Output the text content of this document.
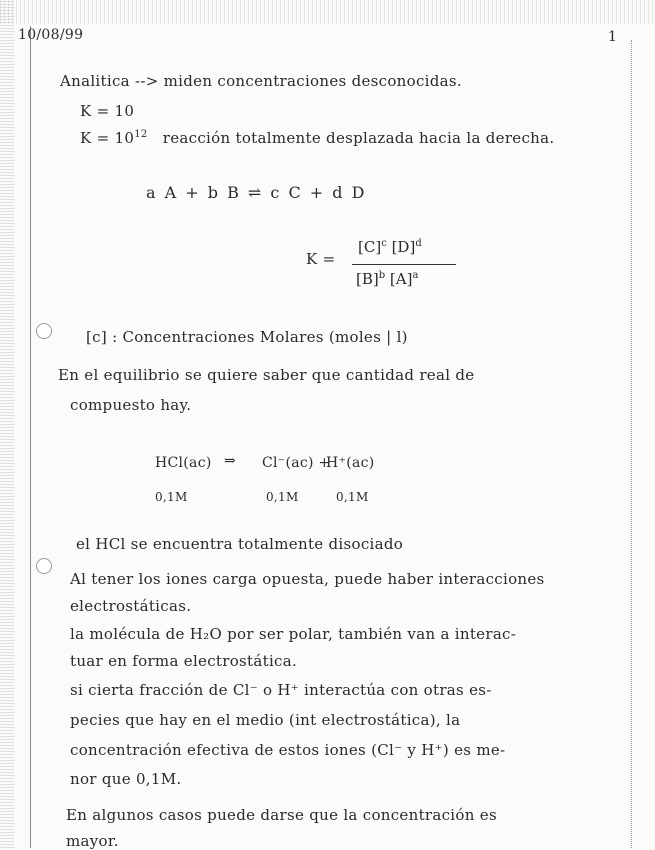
10/08/99	1
Analitica --> miden concentraciones desconocidas.
K = 10
$K = 10^{12}$ reacción totalmente desplazada hacia la derecha.
a A + b B ⇌ c C + d D
K =
$[C]^c$ $[D]^d$
$[B]^b$ $[A]^a$
[c] : Concentraciones Molares (moles | l)
En el equilibrio se quiere saber que cantidad real de
compuesto hay.
HCl(ac) ⇒ Cl⁻(ac) +
H⁺(ac)
0,1M	0,1M	0,1M
el HCl se encuentra totalmente disociado
Al tener los iones carga opuesta, puede haber interacciones
electrostáticas.
la molécula de H₂O por ser polar, también van a interac-
tuar en forma electrostática.
si cierta fracción de Cl⁻ o H⁺ interactúa con otras es-
pecies que hay en el medio (int electrostática), la
concentración efectiva de estos iones (Cl⁻ y H⁺) es me-
nor que 0,1M.
En algunos casos puede darse que la concentración es
mayor.
